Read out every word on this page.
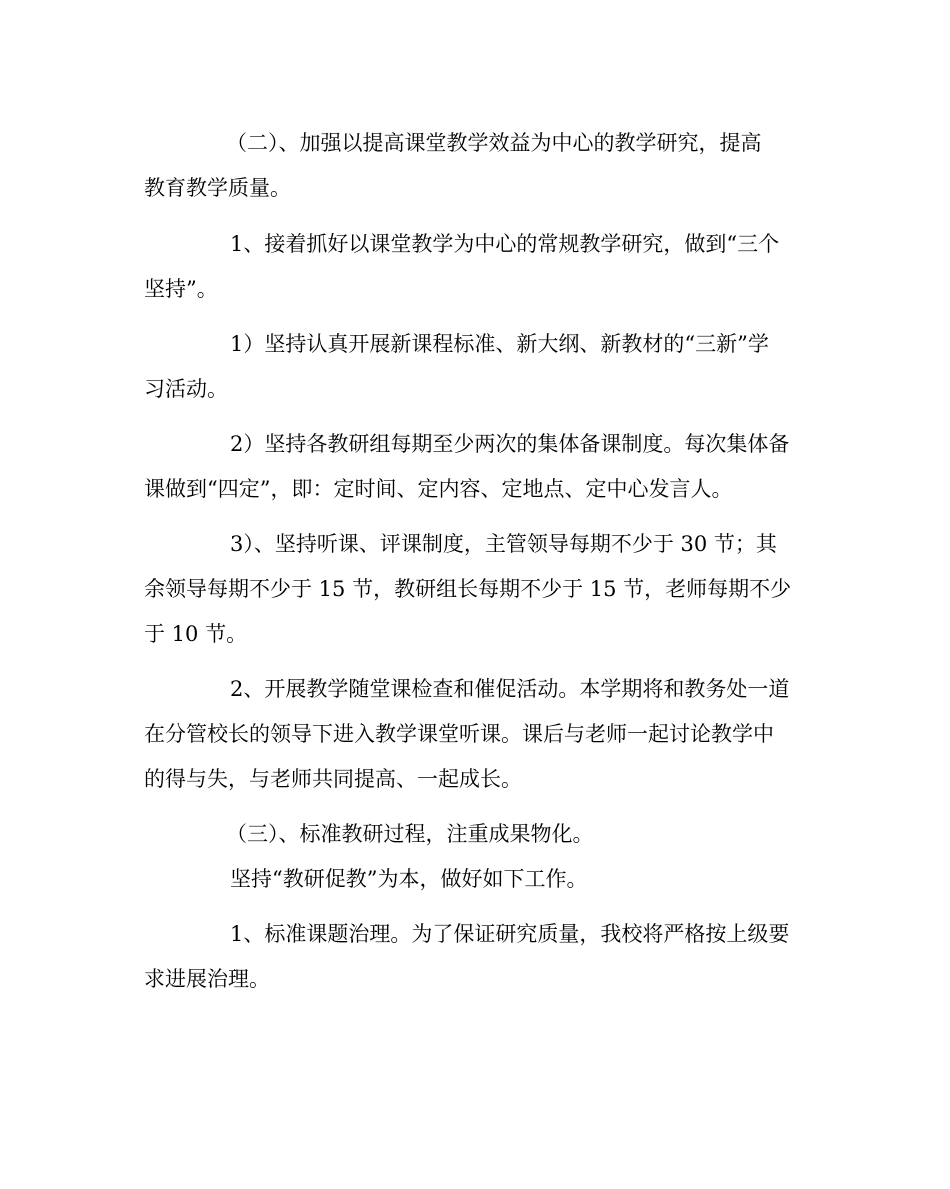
（二）、加强以提高课堂教学效益为中心的教学研究，提高
教育教学质量。
1、接着抓好以课堂教学为中心的常规教学研究，做到“三个
坚持”。
1）坚持认真开展新课程标准、新大纲、新教材的“三新”学
习活动。
2）坚持各教研组每期至少两次的集体备课制度。每次集体备
课做到“四定”，即：定时间、定内容、定地点、定中心发言人。
3）、坚持听课、评课制度，主管领导每期不少于 30 节；其
余领导每期不少于 15 节，教研组长每期不少于 15 节，老师每期不少
于 10 节。
2、开展教学随堂课检查和催促活动。本学期将和教务处一道
在分管校长的领导下进入教学课堂听课。课后与老师一起讨论教学中
的得与失，与老师共同提高、一起成长。
（三）、标准教研过程，注重成果物化。
坚持“教研促教”为本，做好如下工作。
1、标准课题治理。为了保证研究质量，我校将严格按上级要
求进展治理。
